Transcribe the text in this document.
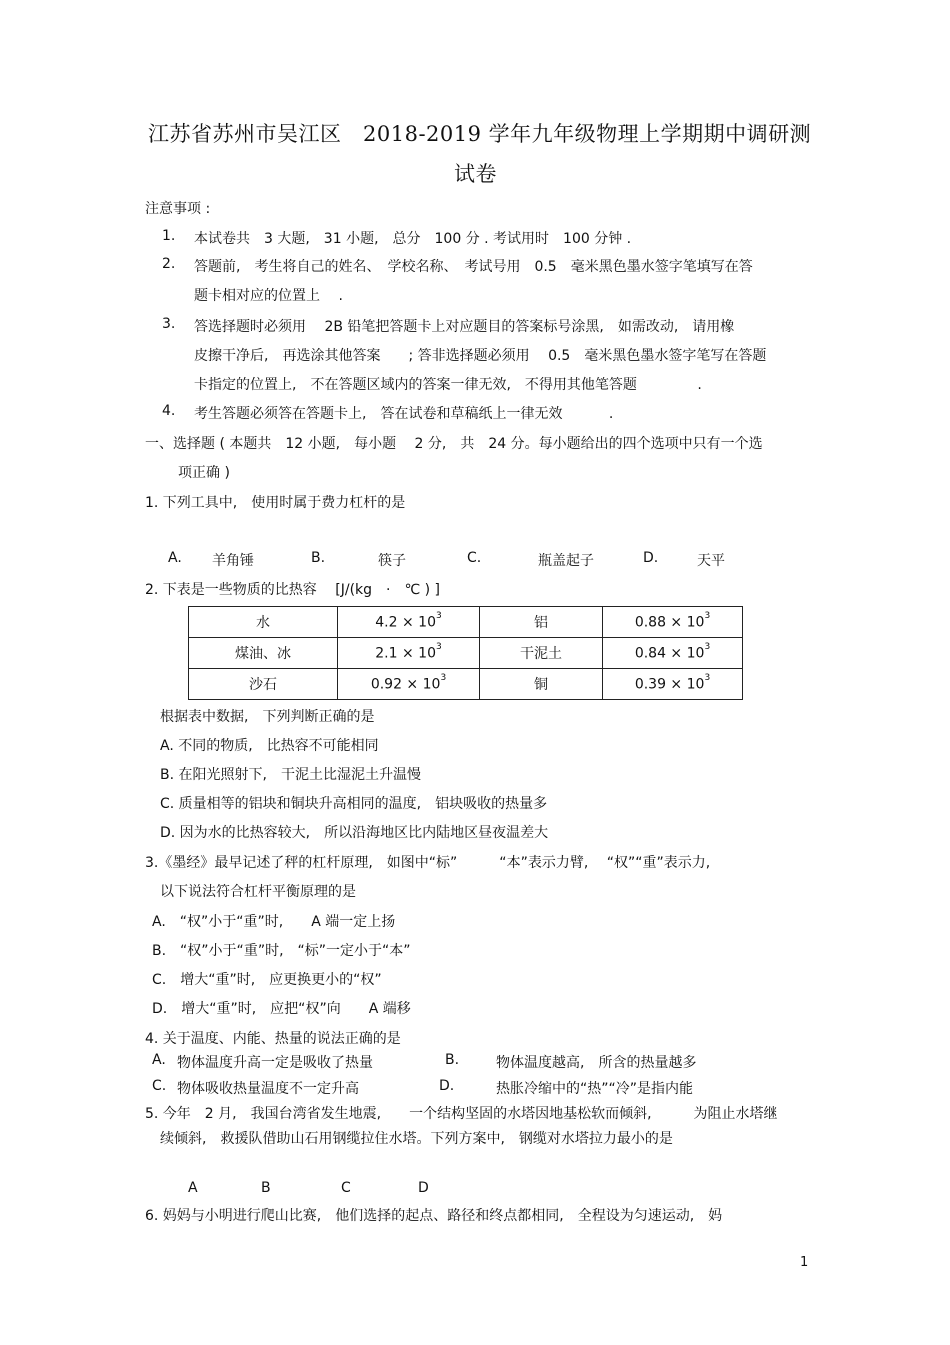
江苏省苏州市吴江区　2018-2019 学年九年级物理上学期期中调研测
试卷
注意事项 :
1. 本试卷共　3 大题,　31 小题,　总分　100 分 . 考试用时　100 分钟 .
2. 答题前,　考生将自己的姓名、　学校名称、　考试号用　0.5　毫米黑色墨水签字笔填写在答
题卡相对应的位置上　 .
3. 答选择题时必须用　 2B 铅笔把答题卡上对应题目的答案标号涂黑,　如需改动,　请用橡
皮擦干净后,　再选涂其他答案　　; 答非选择题必须用　 0.5　毫米黑色墨水签字笔写在答题
卡指定的位置上,　不在答题区域内的答案一律无效,　不得用其他笔答题　　　　 .
4. 考生答题必须答在答题卡上,　答在试卷和草稿纸上一律无效　　　 .
一、选择题 ( 本题共　12 小题,　每小题　 2 分,　共　24 分。每小题给出的四个选项中只有一个选
项正确 )
1. 下列工具中,　使用时属于费力杠杆的是
A. 羊角锤	B.	筷子	C.	瓶盖起子	D.	天平
2. 下表是一些物质的比热容　 [J/(kg　·　℃ ) ]
水	$4.2 \times 10^3$	铝	$0.88 \times 10^3$
煤油、冰	$2.1 \times 10^3$	干泥土	$0.84 \times 10^3$
沙石	$0.92 \times 10^3$	铜	$0.39 \times 10^3$
根据表中数据,　下列判断正确的是
A. 不同的物质,　比热容不可能相同
B. 在阳光照射下,　干泥土比湿泥土升温慢
C. 质量相等的铝块和铜块升高相同的温度,　铝块吸收的热量多
D. 因为水的比热容较大,　所以沿海地区比内陆地区昼夜温差大
3.《墨经》最早记述了秤的杠杆原理,　如图中“标”　　　“本”表示力臂,　 “权”“重”表示力,
以下说法符合杠杆平衡原理的是
A.　“权”小于“重”时,　　A 端一定上扬
B.　“权”小于“重”时,　“标”一定小于“本”
C.　增大“重”时,　应更换更小的“权”
D.　增大“重”时,　应把“权”向　　A 端移
4. 关于温度、内能、热量的说法正确的是
A. 物体温度升高一定是吸收了热量	B.	物体温度越高,　所含的热量越多
C. 物体吸收热量温度不一定升高	D.	热胀冷缩中的“热”“冷”是指内能
5. 今年　2 月,　我国台湾省发生地震,　　一个结构坚固的水塔因地基松软而倾斜,　　　为阻止水塔继
续倾斜,　救援队借助山石用钢缆拉住水塔。下列方案中,　钢缆对水塔拉力最小的是
A	B	C	D
6. 妈妈与小明进行爬山比赛,　他们选择的起点、路径和终点都相同,　全程设为匀速运动,　妈
1
